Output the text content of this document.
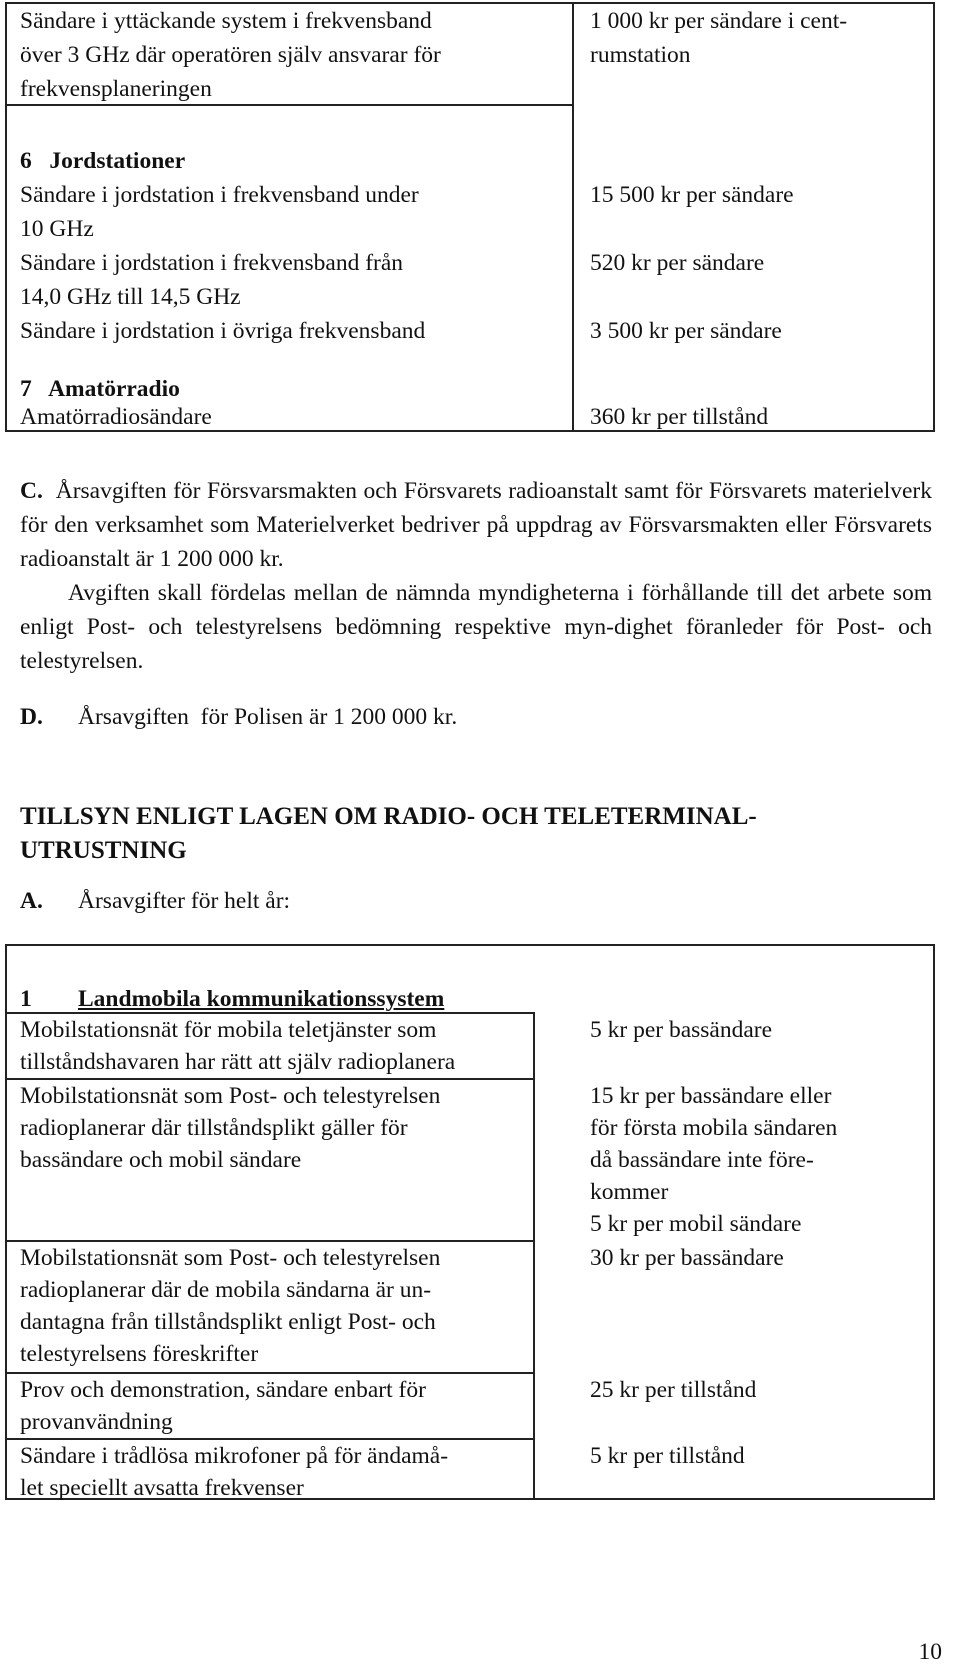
Sändare i yttäckande system i frekvensband
över 3 GHz där operatören själv ansvarar för
frekvensplaneringen
1 000 kr per sändare i cent-
rumstation
6   Jordstationer
Sändare i jordstation i frekvensband under
10 GHz
15 500 kr per sändare
Sändare i jordstation i frekvensband från
14,0 GHz till 14,5 GHz
520 kr per sändare
Sändare i jordstation i övriga frekvensband	3 500 kr per sändare
7   Amatörradio
Amatörradiosändare	360 kr per tillstånd
C. Årsavgiften för Försvarsmakten och Försvarets radioanstalt samt för Försvarets materielverk för den verksamhet som Materielverket bedriver på uppdrag av Försvarsmakten eller Försvarets radioanstalt är 1 200 000 kr.
Avgiften skall fördelas mellan de nämnda myndigheterna i förhållande till det arbete som enligt Post- och telestyrelsens bedömning respektive myn-dighet föranleder för Post- och telestyrelsen.
D. Årsavgiften  för Polisen är 1 200 000 kr.
TILLSYN ENLIGT LAGEN OM RADIO- OCH TELETERMINAL-
UTRUSTNING
A. Årsavgifter för helt år:
1 Landmobila kommunikationssystem
Mobilstationsnät för mobila teletjänster som
tillståndshavaren har rätt att själv radioplanera
5 kr per bassändare
Mobilstationsnät som Post- och telestyrelsen
radioplanerar där tillståndsplikt gäller för
bassändare och mobil sändare
15 kr per bassändare eller
för första mobila sändaren
då bassändare inte före-
kommer
5 kr per mobil sändare
Mobilstationsnät som Post- och telestyrelsen
radioplanerar där de mobila sändarna är un-
dantagna från tillståndsplikt enligt Post- och
telestyrelsens föreskrifter
30 kr per bassändare
Prov och demonstration, sändare enbart för
provanvändning
25 kr per tillstånd
Sändare i trådlösa mikrofoner på för ändamå-
let speciellt avsatta frekvenser
5 kr per tillstånd
10
